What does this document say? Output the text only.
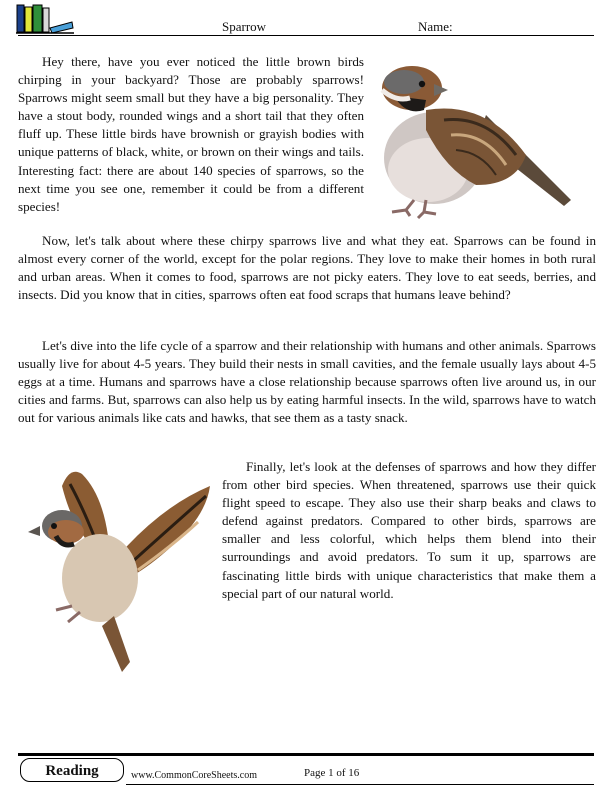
Sparrow	Name:

Hey there, have you ever noticed the little brown birds chirping in your backyard? Those are probably sparrows! Sparrows might seem small but they have a big personality. They have a stout body, rounded wings and a short tail that they often fluff up. These little birds have brownish or grayish bodies with unique patterns of black, white, or brown on their wings and tails. Interesting fact: there are about 140 species of sparrows, so the next time you see one, remember it could be from a different species!

Now, let's talk about where these chirpy sparrows live and what they eat. Sparrows can be found in almost every corner of the world, except for the polar regions. They love to make their homes in both rural and urban areas. When it comes to food, sparrows are not picky eaters. They love to eat seeds, berries, and insects. Did you know that in cities, sparrows often eat food scraps that humans leave behind?

Let's dive into the life cycle of a sparrow and their relationship with humans and other animals. Sparrows usually live for about 4-5 years. They build their nests in small cavities, and the female usually lays about 4-5 eggs at a time. Humans and sparrows have a close relationship because sparrows often live around us, in our cities and farms. But, sparrows can also help us by eating harmful insects. In the wild, sparrows have to watch out for various animals like cats and hawks, that see them as a tasty snack.

Finally, let's look at the defenses of sparrows and how they differ from other bird species. When threatened, sparrows use their quick flight speed to escape. They also use their sharp beaks and claws to defend against predators. Compared to other birds, sparrows are smaller and less colorful, which helps them blend into their surroundings and avoid predators. To sum it up, sparrows are fascinating little birds with unique characteristics that make them a special part of our natural world.

Reading	www.CommonCoreSheets.com	Page 1 of 16
